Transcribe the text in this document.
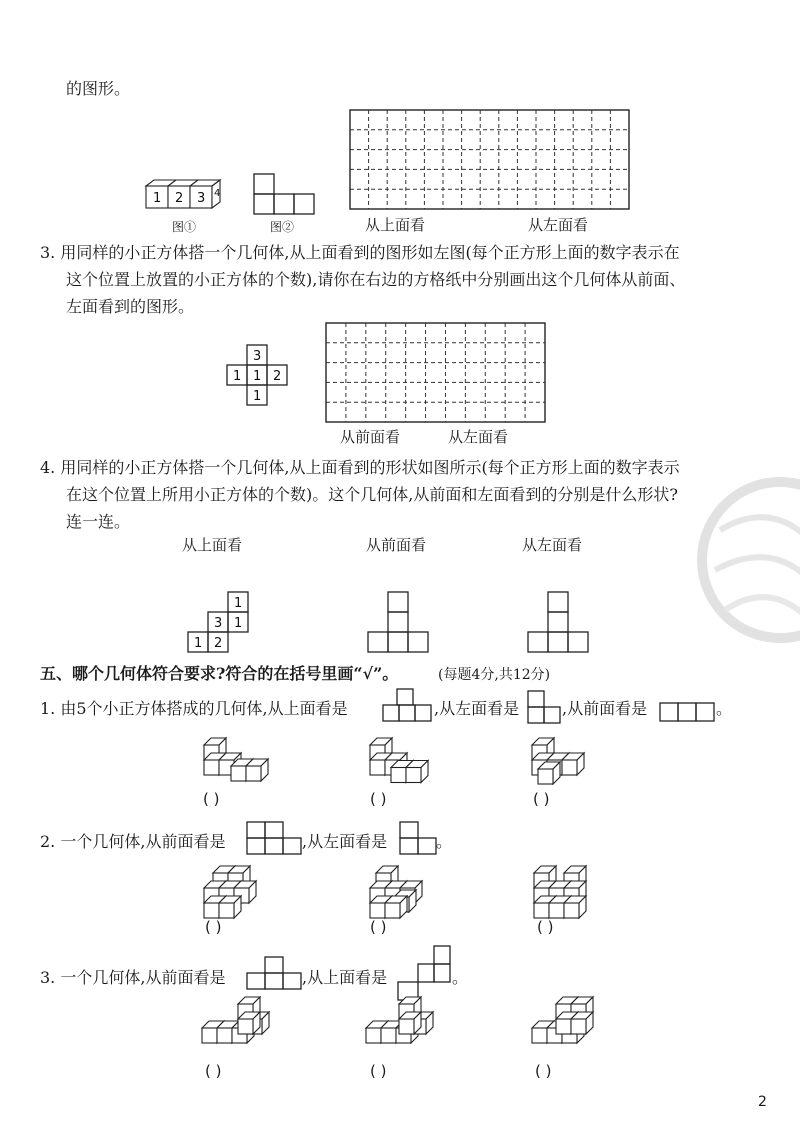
的图形。
1 2 3 4
图①	图②	从上面看	从左面看
3. 用同样的小正方体搭一个几何体,从上面看到的图形如左图(每个正方形上面的数字表示在
这个位置上放置的小正方体的个数),请你在右边的方格纸中分别画出这个几何体从前面、
左面看到的图形。
3
1 1 2
1
从前面看	从左面看
4. 用同样的小正方体搭一个几何体,从上面看到的形状如图所示(每个正方形上面的数字表示
在这个位置上所用小正方体的个数)。这个几何体,从前面和左面看到的分别是什么形状?
连一连。
从上面看	从前面看	从左面看
1
3 1
1 2
五、哪个几何体符合要求?符合的在括号里画“√”。	(每题4分,共12分)
1. 由5个小正方体搭成的几何体,从上面看是	,从左面看是	,从前面看是	。
( )	( )	( )
2. 一个几何体,从前面看是	,从左面看是	。
( )	( )	( )
3. 一个几何体,从前面看是	,从上面看是	。
( )	( )	( )
2
